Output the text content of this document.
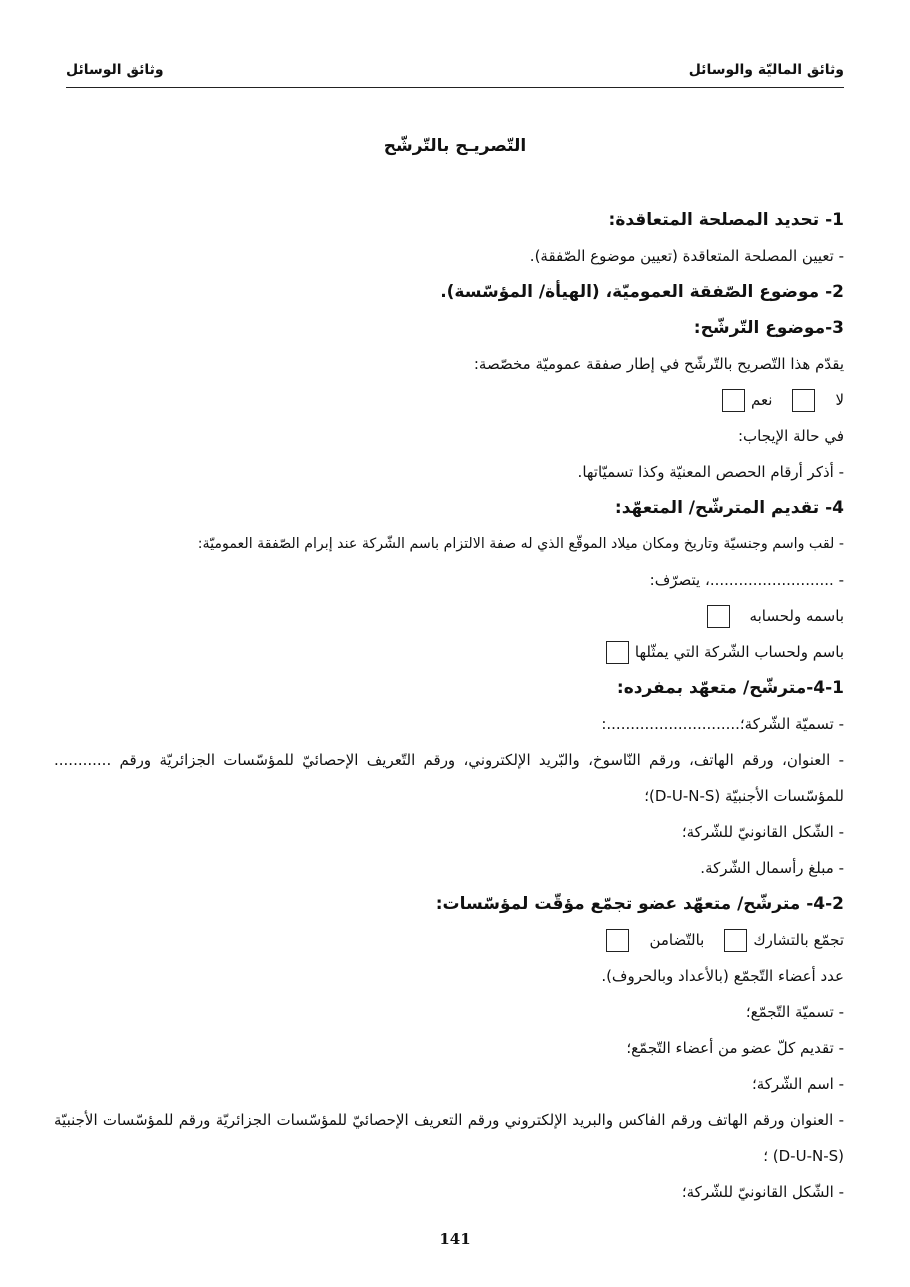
وثائق الماليّة والوسائل
وثائق الوسائل
التّصريـح بالتّرشّح
1- تحديد المصلحة المتعاقدة:
- تعيين المصلحة المتعاقدة (تعيين موضوع الصّفقة).
2- موضوع الصّفقة العموميّة، (الهيأة/ المؤسّسة).
3-موضوع التّرشّح:
يقدّم هذا التّصريح بالتّرشّح في إطار صفقة عموميّة مخصّصة:
لانعم
في حالة الإيجاب:
- أذكر أرقام الحصص المعنيّة وكذا تسميّاتها.
4- تقديم المترشّح/ المتعهّد:
- لقب واسم وجنسيّة وتاريخ ومكان ميلاد الموقّع الذي له صفة الالتزام باسم الشّركة عند إبرام الصّفقة العموميّة:
- ..........................، يتصرّف:
باسمه ولحسابه
باسم ولحساب الشّركة التي يمثّلها
4-1-مترشّح/ متعهّد بمفرده:
- تسميّة الشّركة؛............................:
- العنوان، ورقم الهاتف، ورقم النّاسوخ، والبّريد الإلكتروني، ورقم التّعريف الإحصائيّ للمؤسّسات الجزائريّة ورقم ............ للمؤسّسات الأجنبيّة (D-U-N-S)؛
- الشّكل القانونيّ للشّركة؛
- مبلغ رأسمال الشّركة.
4-2- مترشّح/ متعهّد عضو تجمّع مؤقّت لمؤسّسات:
تجمّع بالتشاركبالتّضامن
عدد أعضاء التّجمّع (بالأعداد وبالحروف).
- تسميّة التّجمّع؛
- تقديم كلّ عضو من أعضاء التّجمّع؛
- اسم الشّركة؛
- العنوان ورقم الهاتف ورقم الفاكس والبريد الإلكتروني ورقم التعريف الإحصائيّ للمؤسّسات الجزائريّة ورقم للمؤسّسات الأجنبيّة (D-U-N-S) ؛
- الشّكل القانونيّ للشّركة؛
141
